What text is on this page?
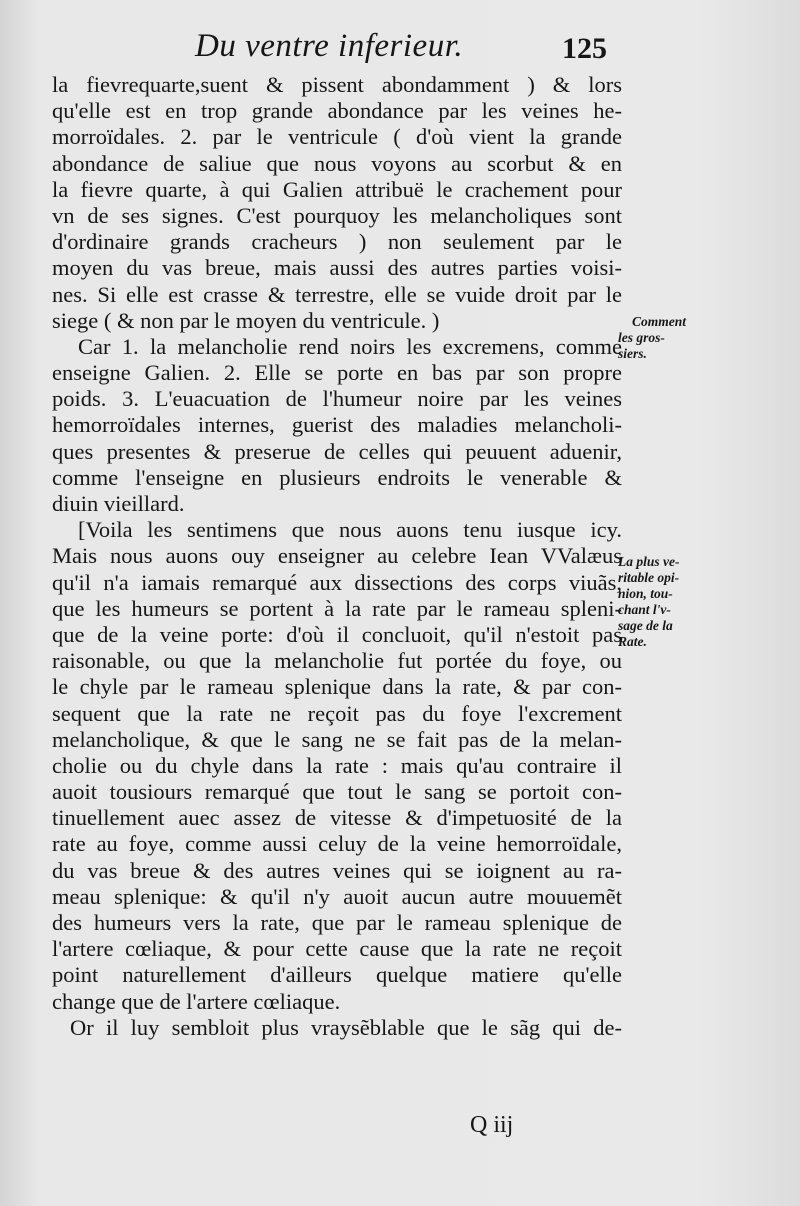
Du ventre inferieur.	125
la fievrequarte,suent & pissent abondamment ) & lors
qu'elle est en trop grande abondance par les veines he-
morroïdales. 2. par le ventricule ( d'où vient la grande
abondance de saliue que nous voyons au scorbut & en
la fievre quarte, à qui Galien attribuë le crachement pour
vn de ses signes. C'est pourquoy les melancholiques sont
d'ordinaire grands cracheurs ) non seulement par le
moyen du vas breue, mais aussi des autres parties voisi-
nes. Si elle est crasse & terrestre, elle se vuide droit par le
siege ( & non par le moyen du ventricule. )
Car 1. la melancholie rend noirs les excremens, comme
enseigne Galien. 2. Elle se porte en bas par son propre
poids. 3. L'euacuation de l'humeur noire par les veines
hemorroïdales internes, guerist des maladies melancholi-
ques presentes & preserue de celles qui peuuent aduenir,
comme l'enseigne en plusieurs endroits le venerable &
diuin vieillard.
[Voila les sentimens que nous auons tenu iusque icy.
Mais nous auons ouy enseigner au celebre Iean VValæus
qu'il n'a iamais remarqué aux dissections des corps viuãs,
que les humeurs se portent à la rate par le rameau spleni-
que de la veine porte: d'où il concluoit, qu'il n'estoit pas
raisonable, ou que la melancholie fut portée du foye, ou
le chyle par le rameau splenique dans la rate, & par con-
sequent que la rate ne reçoit pas du foye l'excrement
melancholique, & que le sang ne se fait pas de la melan-
cholie ou du chyle dans la rate : mais qu'au contraire il
auoit tousiours remarqué que tout le sang se portoit con-
tinuellement auec assez de vitesse & d'impetuosité de la
rate au foye, comme aussi celuy de la veine hemorroïdale,
du vas breue & des autres veines qui se ioignent au ra-
meau splenique: & qu'il n'y auoit aucun autre mouuemẽt
des humeurs vers la rate, que par le rameau splenique de
l'artere cœliaque, & pour cette cause que la rate ne reçoit
point naturellement d'ailleurs quelque matiere qu'elle
change que de l'artere cœliaque.
Or il luy sembloit plus vraysẽblable que le sãg qui de-
Comment
les gros-
siers.
La plus ve-
ritable opi-
nion, tou-
chant l'v-
sage de la
Rate.
Q iij
